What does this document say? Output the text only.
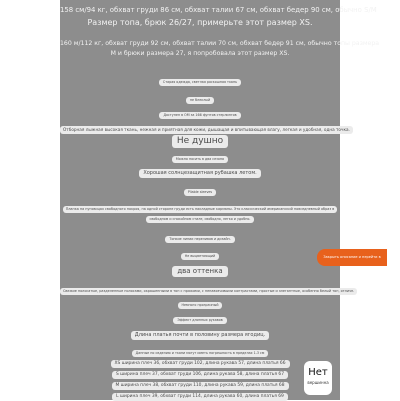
158 см/94 кг, обхват груди 86 см, обхват талии 67 см, обхват бедер 90 см, обычно S/M
Размер топа, брюк 26/27, примерьте этот размер XS.
160 м/112 кг, обхват груди 92 см, обхват талии 70 см, обхват бедер 91 см, обычно топы размера
M и брюки размера 27, я попробовала этот размер XS.
Старая одежда, светлая роскошная ткань
не блеклый
Доступен в OM за 166 фунтов стерлингов
Отборная лыжная высокая ткань, нежная и приятная для кожи, дышащая и впитывающая влагу, легкая и удобная, одна точка.
Не душно
Можно носить в два сезона
Хорошая солнцезащитная рубашка летом.
Pliable sleeves
Планка на пуговицах свободного покроя, на одной стороне груди есть накладные карманы. Это классический американский повседневный образ в
свободном и спокойном стиле, свободно, легко и удобно.
Тонкие линии переливов и дизайн.
Не выцветающий
два оттенка
Свежие полосатые, разделенные полосами, окрашенными в тон с пряжами, с ненавязчивыми контрастами, простые и элегантные, особенно белый тон, отличн.
Немного прозрачный
Эффект длинных рукавов
Длина платья почти в половину размера ягодиц.
Данные по изделию и ткани могут иметь погрешность в пределах 1-3 см
XS ширина плеч 36, обхват груди 102, длина рукава 57, длина платья 66
S ширина плеч 37, обхват груди 106, длина рукава 58, длина платья 67
М ширина плеч 38, обхват груди 110, длина рукава 59, длина платья 68
L ширина плеч 39, обхват груди 114, длина рукава 60, длина платья 69
Закрыть описание и перейти в прокрутку
Нет
вершинна
